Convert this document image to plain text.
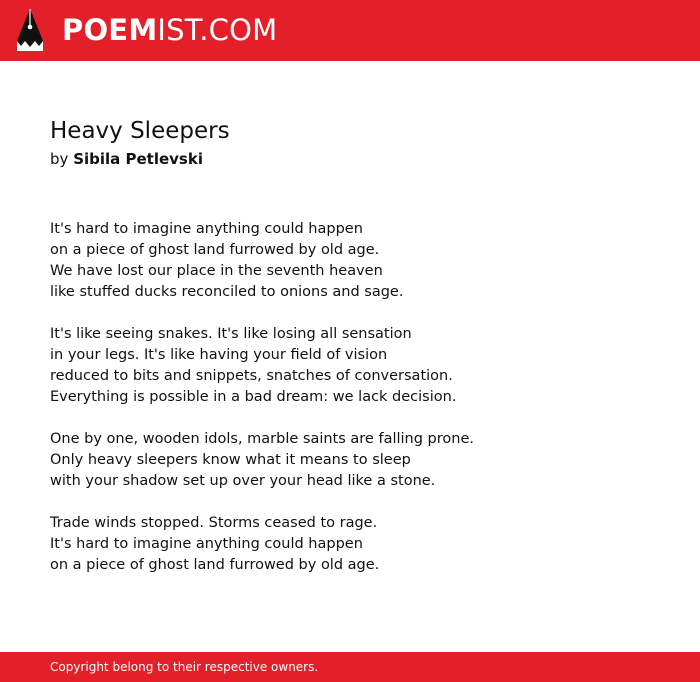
POEMIST.COM
Heavy Sleepers
by Sibila Petlevski
It's hard to imagine anything could happen
on a piece of ghost land furrowed by old age.
We have lost our place in the seventh heaven
like stuffed ducks reconciled to onions and sage.
It's like seeing snakes. It's like losing all sensation
in your legs. It's like having your field of vision
reduced to bits and snippets, snatches of conversation.
Everything is possible in a bad dream: we lack decision.
One by one, wooden idols, marble saints are falling prone.
Only heavy sleepers know what it means to sleep
with your shadow set up over your head like a stone.
Trade winds stopped. Storms ceased to rage.
It's hard to imagine anything could happen
on a piece of ghost land furrowed by old age.
Copyright belong to their respective owners.
